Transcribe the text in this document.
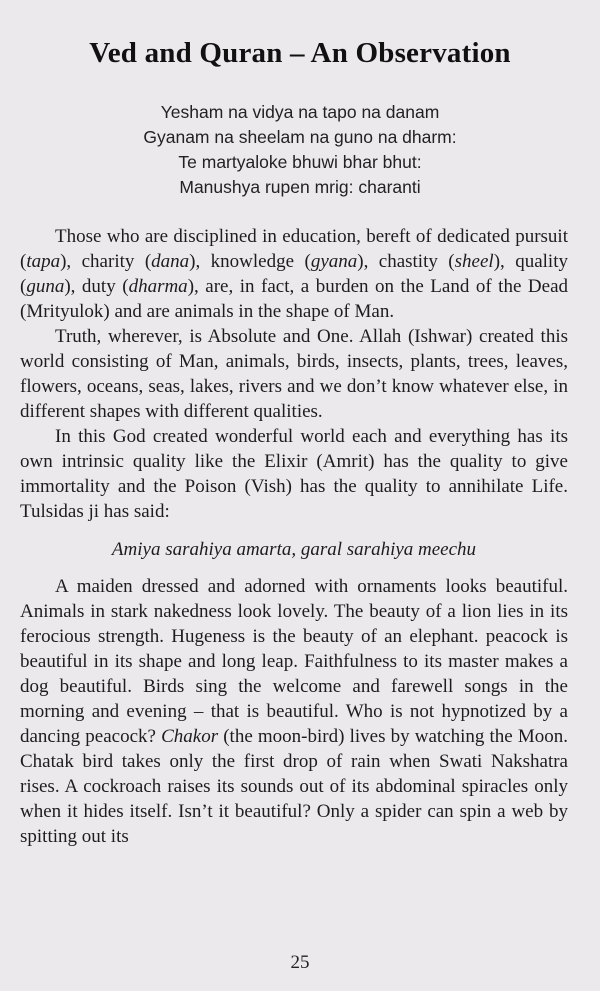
Ved and Quran – An Observation
Yesham na vidya na tapo na danam
Gyanam na sheelam na guno na dharm:
Te martyaloke bhuwi bhar bhut:
Manushya rupen mrig: charanti

Those who are disciplined in education, bereft of dedicated pursuit (tapa), charity (dana), knowledge (gyana), chastity (sheel), quality (guna), duty (dharma), are, in fact, a burden on the Land of the Dead (Mrityulok) and are animals in the shape of Man.

Truth, wherever, is Absolute and One. Allah (Ishwar) created this world consisting of Man, animals, birds, insects, plants, trees, leaves, flowers, oceans, seas, lakes, rivers and we don’t know whatever else, in different shapes with different qualities.

In this God created wonderful world each and everything has its own intrinsic quality like the Elixir (Amrit) has the quality to give immortality and the Poison (Vish) has the quality to annihilate Life. Tulsidas ji has said:

Amiya sarahiya amarta, garal sarahiya meechu

A maiden dressed and adorned with ornaments looks beautiful. Animals in stark nakedness look lovely. The beauty of a lion lies in its ferocious strength. Hugeness is the beauty of an elephant. peacock is beautiful in its shape and long leap. Faithfulness to its master makes a dog beautiful. Birds sing the welcome and farewell songs in the morning and evening – that is beautiful. Who is not hypnotized by a dancing peacock? Chakor (the moon-bird) lives by watching the Moon. Chatak bird takes only the first drop of rain when Swati Nakshatra rises. A cockroach raises its sounds out of its abdominal spiracles only when it hides itself. Isn’t it beautiful? Only a spider can spin a web by spitting out its

25
